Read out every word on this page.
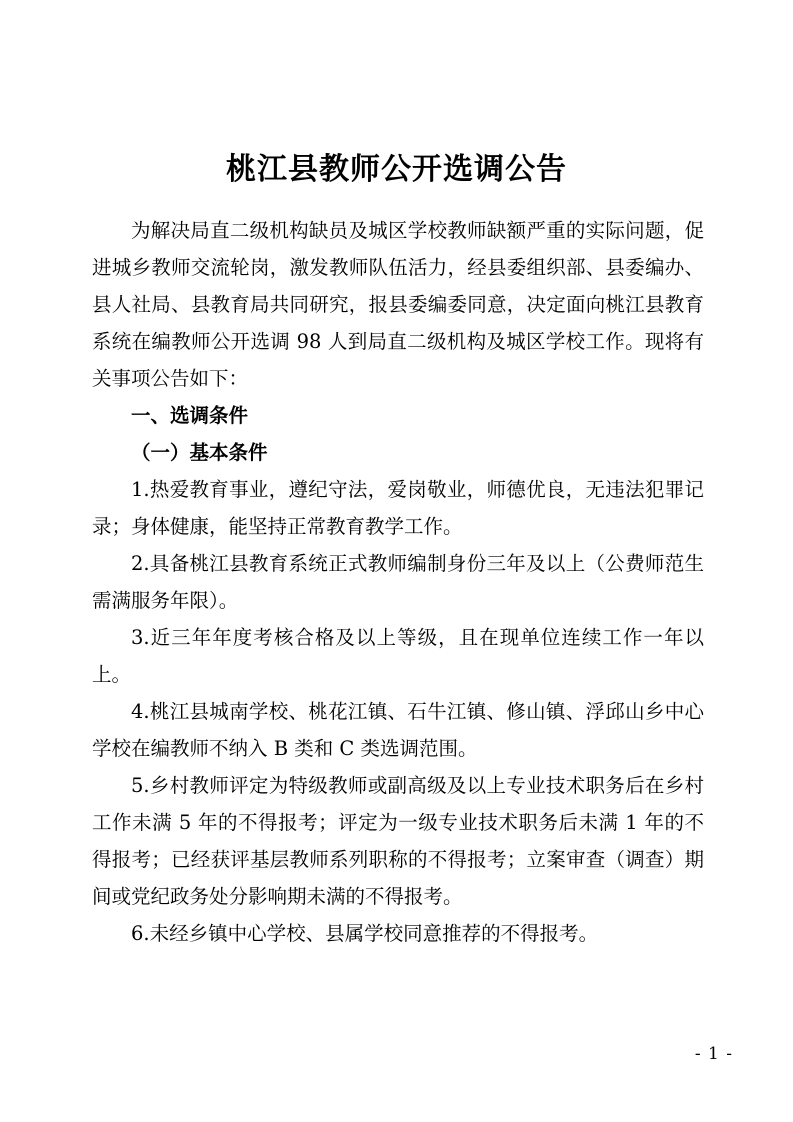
桃江县教师公开选调公告

为解决局直二级机构缺员及城区学校教师缺额严重的实际问题，促进城乡教师交流轮岗，激发教师队伍活力，经县委组织部、县委编办、县人社局、县教育局共同研究，报县委编委同意，决定面向桃江县教育系统在编教师公开选调 98 人到局直二级机构及城区学校工作。现将有关事项公告如下：

一、选调条件

（一）基本条件

1.热爱教育事业，遵纪守法，爱岗敬业，师德优良，无违法犯罪记录；身体健康，能坚持正常教育教学工作。

2.具备桃江县教育系统正式教师编制身份三年及以上（公费师范生需满服务年限）。

3.近三年年度考核合格及以上等级，且在现单位连续工作一年以上。

4.桃江县城南学校、桃花江镇、石牛江镇、修山镇、浮邱山乡中心学校在编教师不纳入 B 类和 C 类选调范围。

5.乡村教师评定为特级教师或副高级及以上专业技术职务后在乡村工作未满 5 年的不得报考；评定为一级专业技术职务后未满 1 年的不得报考；已经获评基层教师系列职称的不得报考；立案审查（调查）期间或党纪政务处分影响期未满的不得报考。

6.未经乡镇中心学校、县属学校同意推荐的不得报考。

- 1 -
